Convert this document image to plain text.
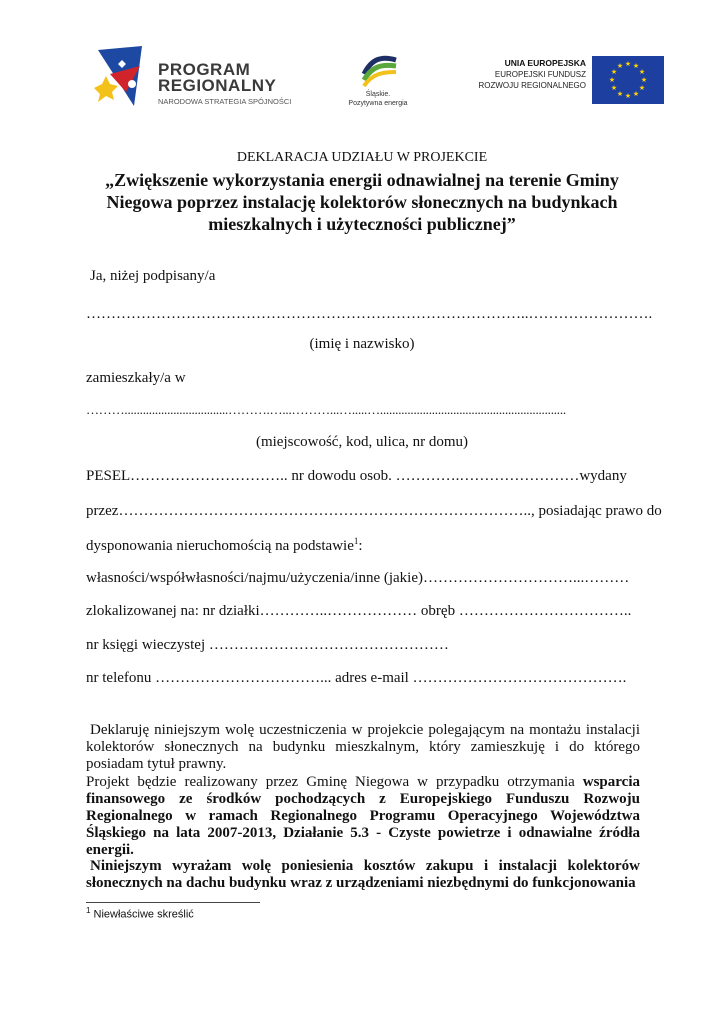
PROGRAM
REGIONALNY
NARODOWA STRATEGIA SPÓJNOŚCI
Śląskie.
Pozytywna energia
UNIA EUROPEJSKA
EUROPEJSKI FUNDUSZ
ROZWOJU REGIONALNEGO
★ ★
★
★
★
★
★
★
★
★
★
★
DEKLARACJA UDZIAŁU W PROJEKCIE
„Zwiększenie wykorzystania energii odnawialnej na terenie Gminy
Niegowa poprzez instalację kolektorów słonecznych na budynkach
mieszkalnych i użyteczności publicznej”
Ja, niżej podpisany/a
……………………………………………………………………………..…………………….
(imię i nazwisko)
zamieszkały/a w
………..................................……….…...………...….....….............................................................
(miejscowość, kod, ulica, nr domu)
PESEL………………………….. nr dowodu osob. ………….……………………wydany
przez……………………………………………………………………….., posiadając prawo do
dysponowania nieruchomością na podstawie$^1$:
własności/współwłasności/najmu/użyczenia/inne (jakie)…………………………...………
zlokalizowanej na: nr działki…………..……………… obręb ……………………………..
nr księgi wieczystej …………………………………………
nr telefonu ……………………………... adres e-mail …………………………………….
Deklaruję niniejszym wolę uczestniczenia w projekcie polegającym na montażu instalacji kolektorów słonecznych na budynku mieszkalnym, który zamieszkuję i do którego posiadam tytuł prawny.
Projekt będzie realizowany przez Gminę Niegowa w przypadku otrzymania wsparcia finansowego ze środków pochodzących z Europejskiego Funduszu Rozwoju Regionalnego w ramach Regionalnego Programu Operacyjnego Województwa Śląskiego na lata 2007-2013, Działanie 5.3 - Czyste powietrze i odnawialne źródła energii.
Niniejszym wyrażam wolę poniesienia kosztów zakupu i instalacji kolektorów słonecznych na dachu budynku wraz z urządzeniami niezbędnymi do funkcjonowania
$^1$ Niewłaściwe skreślić
